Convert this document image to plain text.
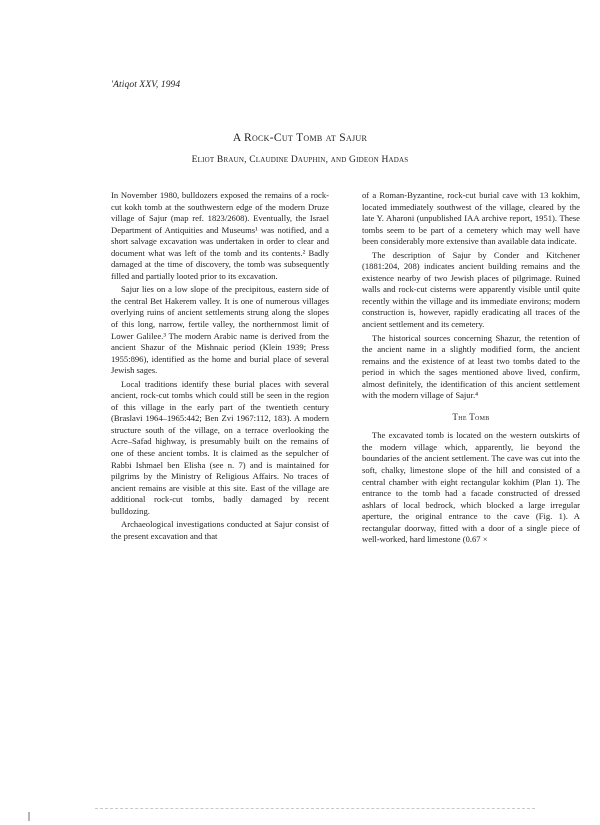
'Atiqot XXV, 1994
A Rock-Cut Tomb at Sajur
Eliot Braun, Claudine Dauphin, and Gideon Hadas

In November 1980, bulldozers exposed the remains of a rock-cut kokh tomb at the southwestern edge of the modern Druze village of Sajur (map ref. 1823/2608). Eventually, the Israel Department of Antiquities and Museums¹ was notified, and a short salvage excavation was undertaken in order to clear and document what was left of the tomb and its contents.² Badly damaged at the time of discovery, the tomb was subsequently filled and partially looted prior to its excavation.

Sajur lies on a low slope of the precipitous, eastern side of the central Bet Hakerem valley. It is one of numerous villages overlying ruins of ancient settlements strung along the slopes of this long, narrow, fertile valley, the northernmost limit of Lower Galilee.³ The modern Arabic name is derived from the ancient Shazur of the Mishnaic period (Klein 1939; Press 1955:896), identified as the home and burial place of several Jewish sages.

Local traditions identify these burial places with several ancient, rock-cut tombs which could still be seen in the region of this village in the early part of the twentieth century (Braslavi 1964–1965:442; Ben Zvi 1967:112, 183). A modern structure south of the village, on a terrace overlooking the Acre–Safad highway, is presumably built on the remains of one of these ancient tombs. It is claimed as the sepulcher of Rabbi Ishmael ben Elisha (see n. 7) and is maintained for pilgrims by the Ministry of Religious Affairs. No traces of ancient remains are visible at this site. East of the village are additional rock-cut tombs, badly damaged by recent bulldozing.

Archaeological investigations conducted at Sajur consist of the present excavation and that

of a Roman-Byzantine, rock-cut burial cave with 13 kokhim, located immediately southwest of the village, cleared by the late Y. Aharoni (unpublished IAA archive report, 1951). These tombs seem to be part of a cemetery which may well have been considerably more extensive than available data indicate.

The description of Sajur by Conder and Kitchener (1881:204, 208) indicates ancient building remains and the existence nearby of two Jewish places of pilgrimage. Ruined walls and rock-cut cisterns were apparently visible until quite recently within the village and its immediate environs; modern construction is, however, rapidly eradicating all traces of the ancient settlement and its cemetery.

The historical sources concerning Shazur, the retention of the ancient name in a slightly modified form, the ancient remains and the existence of at least two tombs dated to the period in which the sages mentioned above lived, confirm, almost definitely, the identification of this ancient settlement with the modern village of Sajur.⁴

The Tomb

The excavated tomb is located on the western outskirts of the modern village which, apparently, lie beyond the boundaries of the ancient settlement. The cave was cut into the soft, chalky, limestone slope of the hill and consisted of a central chamber with eight rectangular kokhim (Plan 1). The entrance to the tomb had a facade constructed of dressed ashlars of local bedrock, which blocked a large irregular aperture, the original entrance to the cave (Fig. 1). A rectangular doorway, fitted with a door of a single piece of well-worked, hard limestone (0.67 ×
